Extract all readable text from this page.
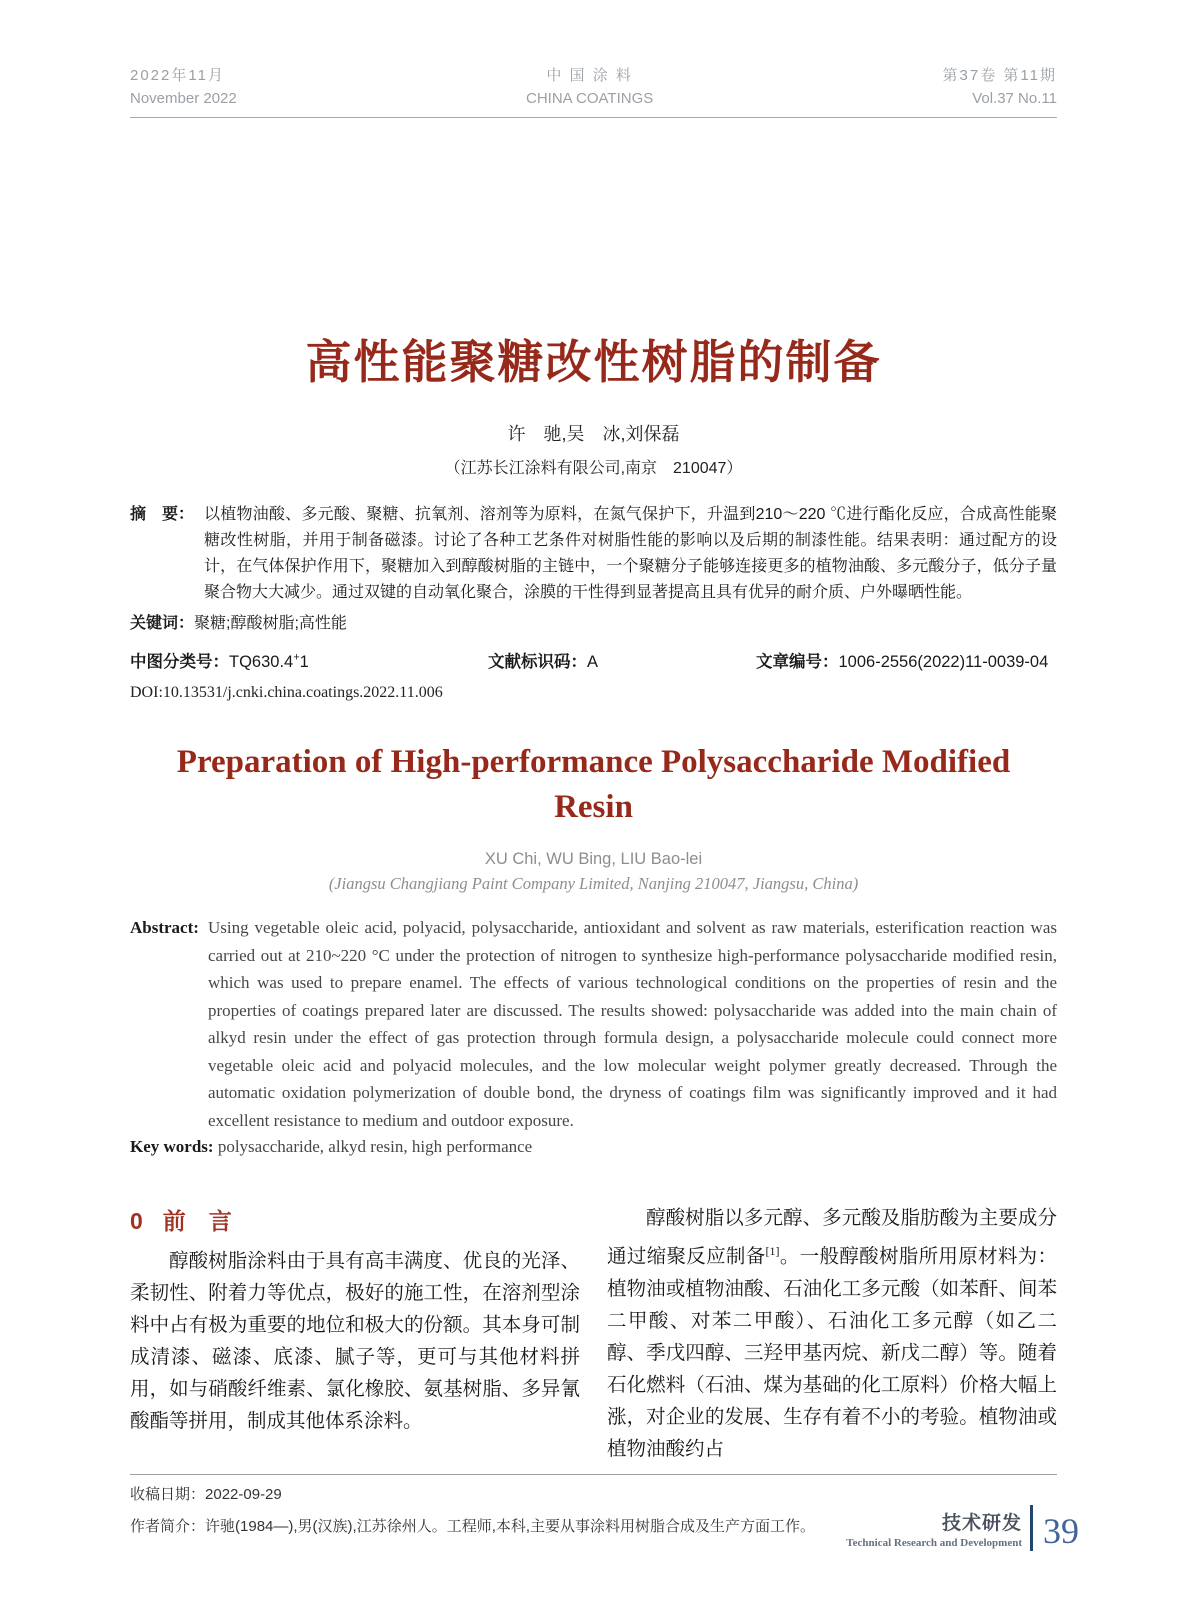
2022年11月
November 2022
中 国 涂 料
CHINA COATINGS
第37卷 第11期
Vol.37 No.11
高性能聚糖改性树脂的制备
许　驰,吴　冰,刘保磊
（江苏长江涂料有限公司,南京　210047）
摘　要： 以植物油酸、多元酸、聚糖、抗氧剂、溶剂等为原料，在氮气保护下，升温到210～220 ℃进行酯化反应，合成高性能聚糖改性树脂，并用于制备磁漆。讨论了各种工艺条件对树脂性能的影响以及后期的制漆性能。结果表明：通过配方的设计，在气体保护作用下，聚糖加入到醇酸树脂的主链中，一个聚糖分子能够连接更多的植物油酸、多元酸分子，低分子量聚合物大大减少。通过双键的自动氧化聚合，涂膜的干性得到显著提高且具有优异的耐介质、户外曝晒性能。
关键词：聚糖;醇酸树脂;高性能
中图分类号：TQ630.4+1	文献标识码：A	文章编号：1006-2556(2022)11-0039-04
DOI:10.13531/j.cnki.china.coatings.2022.11.006
Preparation of High-performance Polysaccharide Modified
Resin
XU Chi, WU Bing, LIU Bao-lei
(Jiangsu Changjiang Paint Company Limited, Nanjing 210047, Jiangsu, China)
Abstract: Using vegetable oleic acid, polyacid, polysaccharide, antioxidant and solvent as raw materials, esterification reaction was carried out at 210~220 °C under the protection of nitrogen to synthesize high-performance polysaccharide modified resin, which was used to prepare enamel. The effects of various technological conditions on the properties of resin and the properties of coatings prepared later are discussed. The results showed: polysaccharide was added into the main chain of alkyd resin under the effect of gas protection through formula design, a polysaccharide molecule could connect more vegetable oleic acid and polyacid molecules, and the low molecular weight polymer greatly decreased. Through the automatic oxidation polymerization of double bond, the dryness of coatings film was significantly improved and it had excellent resistance to medium and outdoor exposure.
Key words: polysaccharide, alkyd resin, high performance
0 前　言

醇酸树脂涂料由于具有高丰满度、优良的光泽、柔韧性、附着力等优点，极好的施工性，在溶剂型涂料中占有极为重要的地位和极大的份额。其本身可制成清漆、磁漆、底漆、腻子等，更可与其他材料拼用，如与硝酸纤维素、氯化橡胶、氨基树脂、多异氰酸酯等拼用，制成其他体系涂料。

醇酸树脂以多元醇、多元酸及脂肪酸为主要成分通过缩聚反应制备[1]。一般醇酸树脂所用原材料为：植物油或植物油酸、石油化工多元酸（如苯酐、间苯二甲酸、对苯二甲酸）、石油化工多元醇（如乙二醇、季戊四醇、三羟甲基丙烷、新戊二醇）等。随着石化燃料（石油、煤为基础的化工原料）价格大幅上涨，对企业的发展、生存有着不小的考验。植物油或植物油酸约占

收稿日期：2022-09-29
作者简介：许驰(1984—),男(汉族),江苏徐州人。工程师,本科,主要从事涂料用树脂合成及生产方面工作。	技术研发
Technical Research and Development 39
